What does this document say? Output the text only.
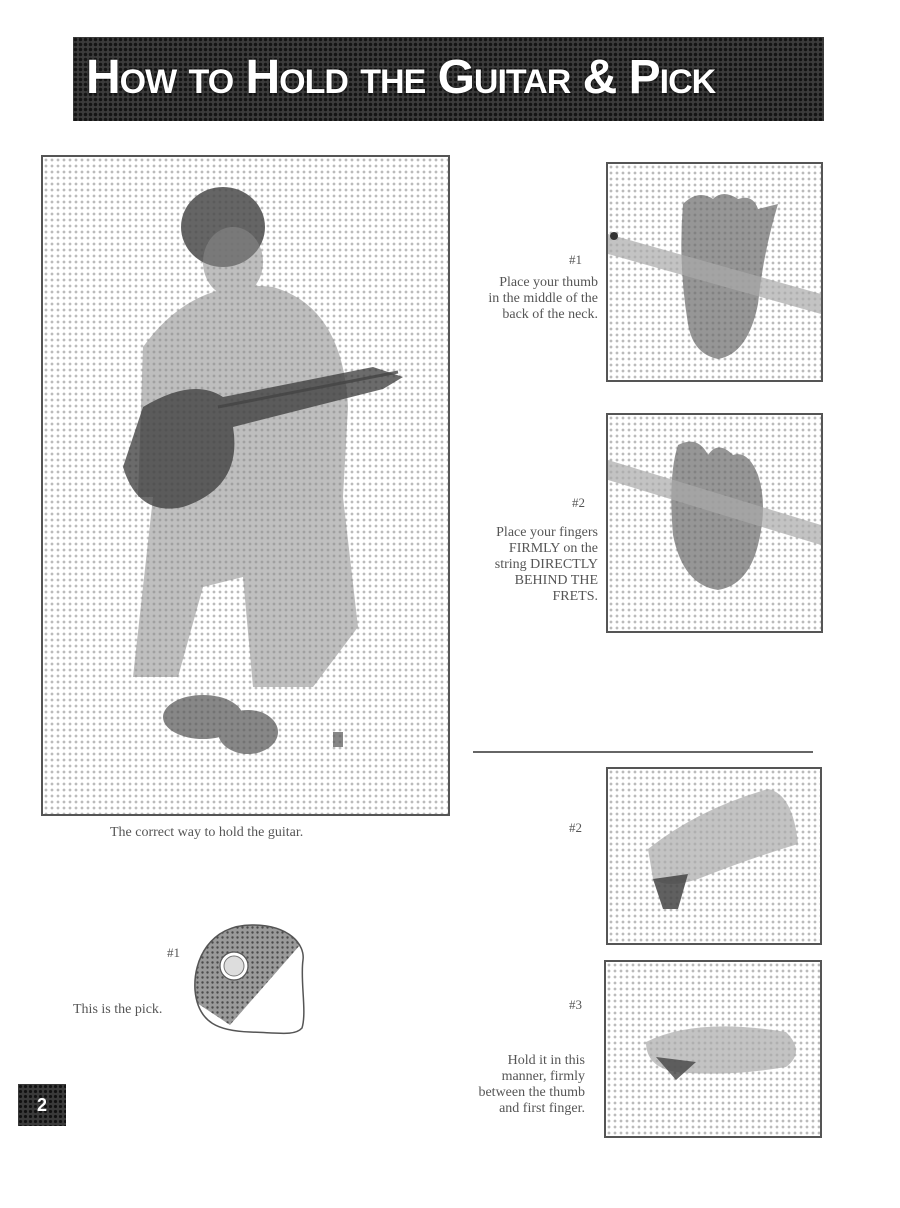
How to Hold the Guitar & Pick
The correct way to hold the guitar.
#1
Place your thumb
in the middle of the
back of the neck.
#2
Place your fingers
FIRMLY on the
string DIRECTLY
BEHIND THE
FRETS.
#2
#3
Hold it in this
manner, firmly
between the thumb
and first finger.
#1
This is the pick.
2
